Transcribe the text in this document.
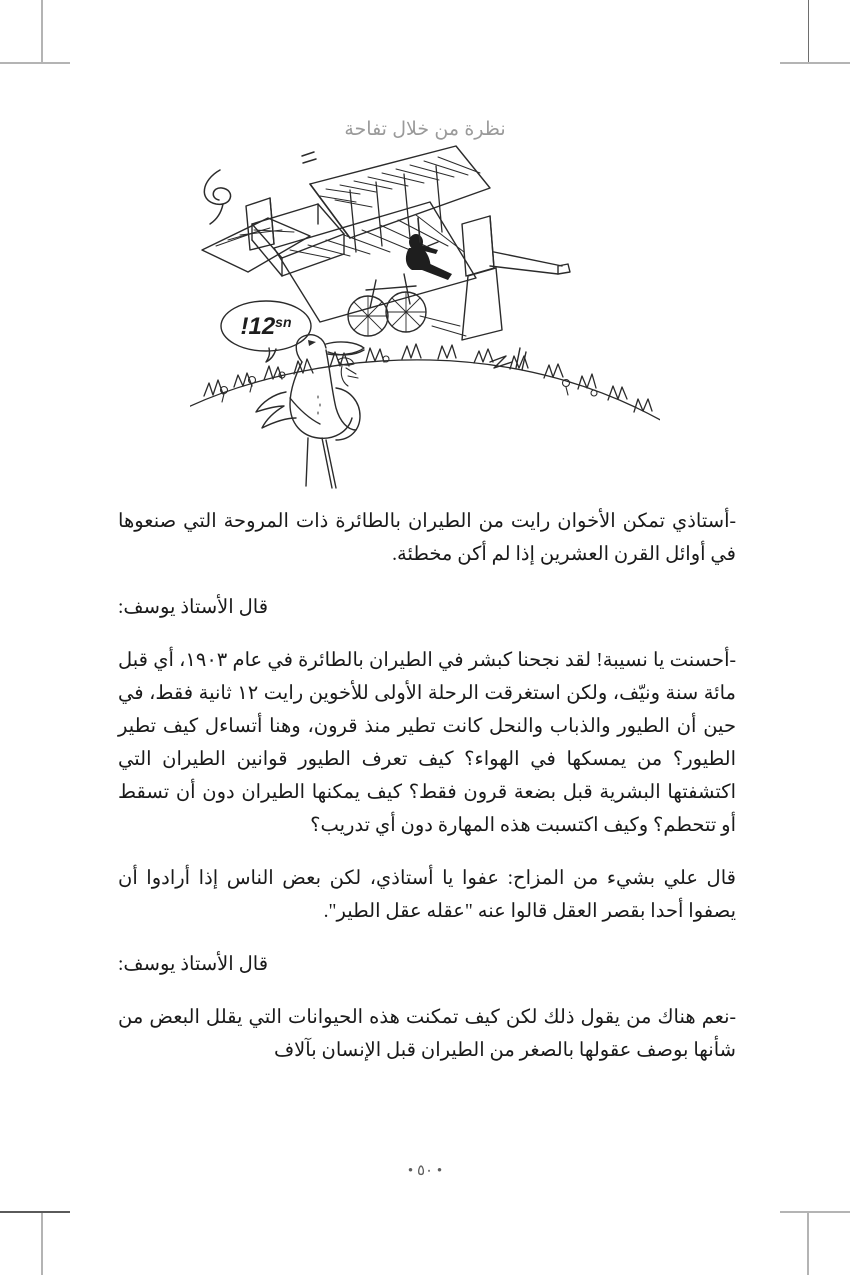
نظرة من خلال تفاحة
$12^{sn}$!

-أستاذي تمكن الأخوان رايت من الطيران بالطائرة ذات المروحة التي صنعوها في أوائل القرن العشرين إذا لم أكن مخطئة.

قال الأستاذ يوسف:

-أحسنت يا نسيبة! لقد نجحنا كبشر في الطيران بالطائرة في عام ١٩٠٣، أي قبل مائة سنة ونيّف، ولكن استغرقت الرحلة الأولى للأخوين رايت ١٢ ثانية فقط، في حين أن الطيور والذباب والنحل كانت تطير منذ قرون، وهنا أتساءل كيف تطير الطيور؟ من يمسكها في الهواء؟ كيف تعرف الطيور قوانين الطيران التي اكتشفتها البشرية قبل بضعة قرون فقط؟ كيف يمكنها الطيران دون أن تسقط أو تتحطم؟ وكيف اكتسبت هذه المهارة دون أي تدريب؟

قال علي بشيء من المزاح: عفوا يا أستاذي، لكن بعض الناس إذا أرادوا أن يصفوا أحدا بقصر العقل قالوا عنه "عقله عقل الطير".

قال الأستاذ يوسف:

-نعم هناك من يقول ذلك لكن كيف تمكنت هذه الحيوانات التي يقلل البعض من شأنها بوصف عقولها بالصغر من الطيران قبل الإنسان بآلاف

• ٥٠ •
